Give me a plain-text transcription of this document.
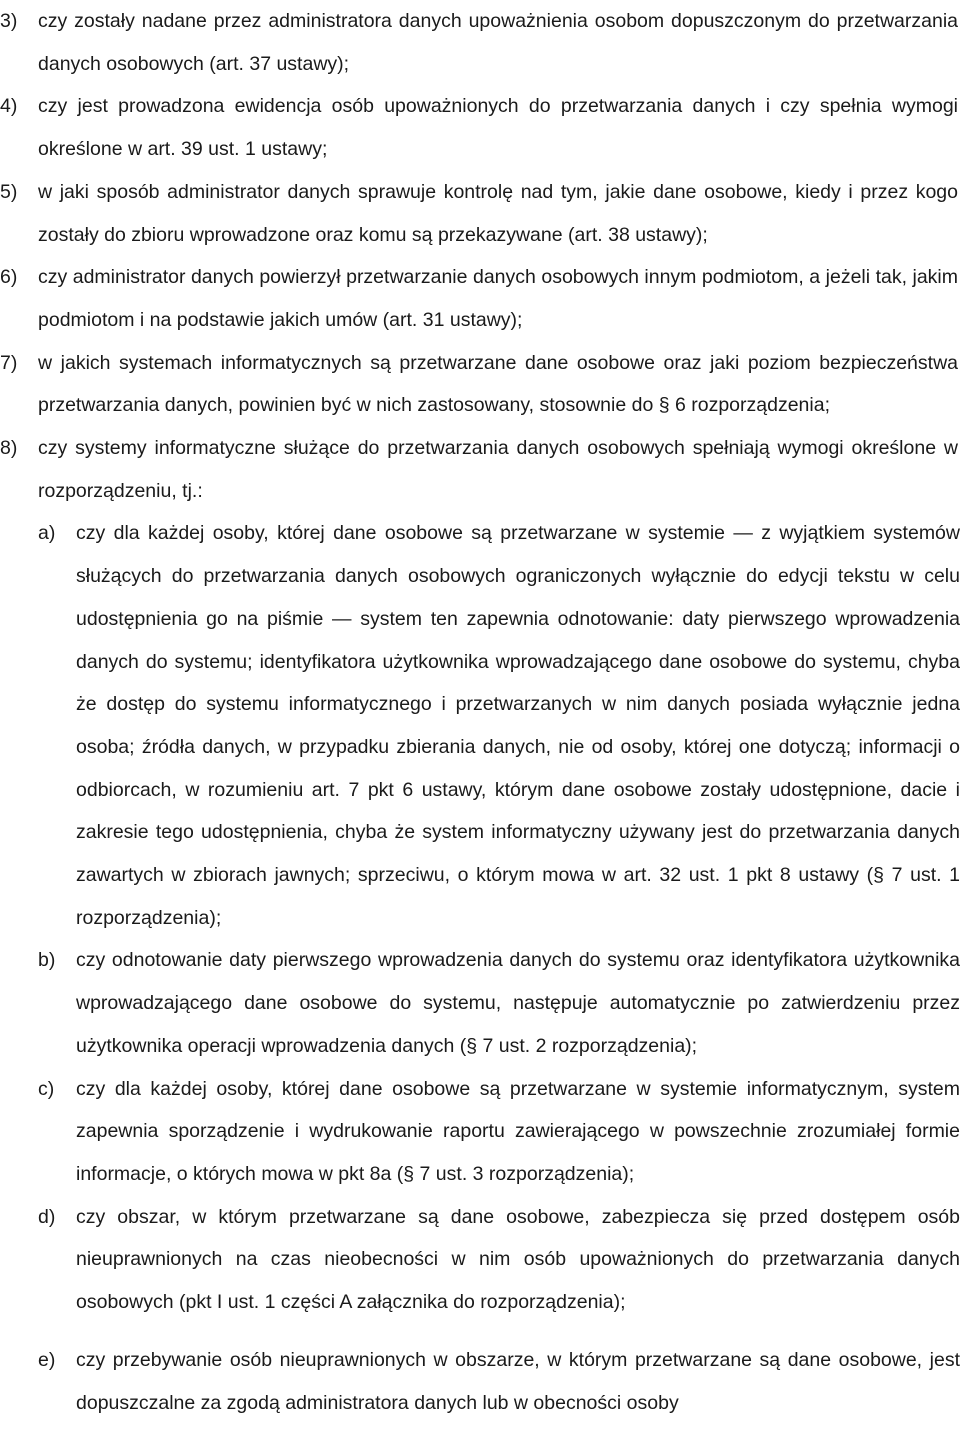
3) czy zostały nadane przez administratora danych upoważnienia osobom dopuszczonym do przetwarzania danych osobowych (art. 37 ustawy);
4) czy jest prowadzona ewidencja osób upoważnionych do przetwarzania danych i czy spełnia wymogi określone w art. 39 ust. 1 ustawy;
5) w jaki sposób administrator danych sprawuje kontrolę nad tym, jakie dane osobowe, kiedy i przez kogo zostały do zbioru wprowadzone oraz komu są przekazywane (art. 38 ustawy);
6) czy administrator danych powierzył przetwarzanie danych osobowych innym podmiotom, a jeżeli tak, jakim podmiotom i na podstawie jakich umów (art. 31 ustawy);
7) w jakich systemach informatycznych są przetwarzane dane osobowe oraz jaki poziom bezpieczeństwa przetwarzania danych, powinien być w nich zastosowany, stosownie do § 6 rozporządzenia;
8) czy systemy informatyczne służące do przetwarzania danych osobowych spełniają wymogi określone w rozporządzeniu, tj.:
a) czy dla każdej osoby, której dane osobowe są przetwarzane w systemie — z wyjątkiem systemów służących do przetwarzania danych osobowych ograniczonych wyłącznie do edycji tekstu w celu udostępnienia go na piśmie — system ten zapewnia odnotowanie: daty pierwszego wprowadzenia danych do systemu; identyfikatora użytkownika wprowadzającego dane osobowe do systemu, chyba że dostęp do systemu informatycznego i przetwarzanych w nim danych posiada wyłącznie jedna osoba; źródła danych, w przypadku zbierania danych, nie od osoby, której one dotyczą; informacji o odbiorcach, w rozumieniu art. 7 pkt 6 ustawy, którym dane osobowe zostały udostępnione, dacie i zakresie tego udostępnienia, chyba że system informatyczny używany jest do przetwarzania danych zawartych w zbiorach jawnych; sprzeciwu, o którym mowa w art. 32 ust. 1 pkt 8 ustawy (§ 7 ust. 1 rozporządzenia);
b) czy odnotowanie daty pierwszego wprowadzenia danych do systemu oraz identyfikatora użytkownika wprowadzającego dane osobowe do systemu, następuje automatycznie po zatwierdzeniu przez użytkownika operacji wprowadzenia danych (§ 7 ust. 2 rozporządzenia);
c) czy dla każdej osoby, której dane osobowe są przetwarzane w systemie informatycznym, system zapewnia sporządzenie i wydrukowanie raportu zawierającego w powszechnie zrozumiałej formie informacje, o których mowa w pkt 8a (§ 7 ust. 3 rozporządzenia);
d) czy obszar, w którym przetwarzane są dane osobowe, zabezpiecza się przed dostępem osób nieuprawnionych na czas nieobecności w nim osób upoważnionych do przetwarzania danych osobowych (pkt I ust. 1 części A załącznika do rozporządzenia);
e) czy przebywanie osób nieuprawnionych w obszarze, w którym przetwarzane są dane osobowe, jest dopuszczalne za zgodą administratora danych lub w obecności osoby
